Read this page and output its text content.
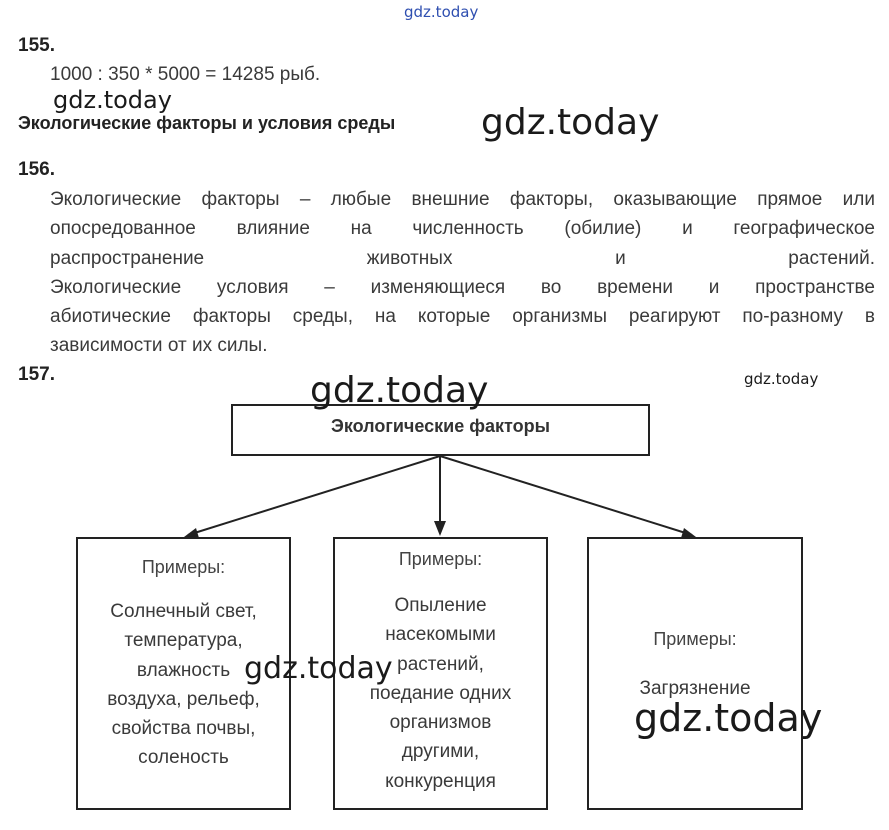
gdz.today
155.
1000 : 350 * 5000 = 14285 рыб.
gdz.today
Экологические факторы и условия среды gdz.today
156.
Экологические факторы – любые внешние факторы, оказывающие прямое или
опосредованное влияние на численность (обилие) и географическое
распространение животных и растений.
Экологические условия – изменяющиеся во времени и пространстве
абиотические факторы среды, на которые организмы реагируют по-разному в
зависимости от их силы.
157.	gdz.today
Экологические факторы
gdz.today
Примеры:
Солнечный свет,
температура,
влажность
воздуха, рельеф,
свойства почвы,
соленость
Примеры:
Опыление
насекомыми
растений,
поедание одних
организмов
другими,
конкуренция
Примеры:
Загрязнение
gdz.today
gdz.today
